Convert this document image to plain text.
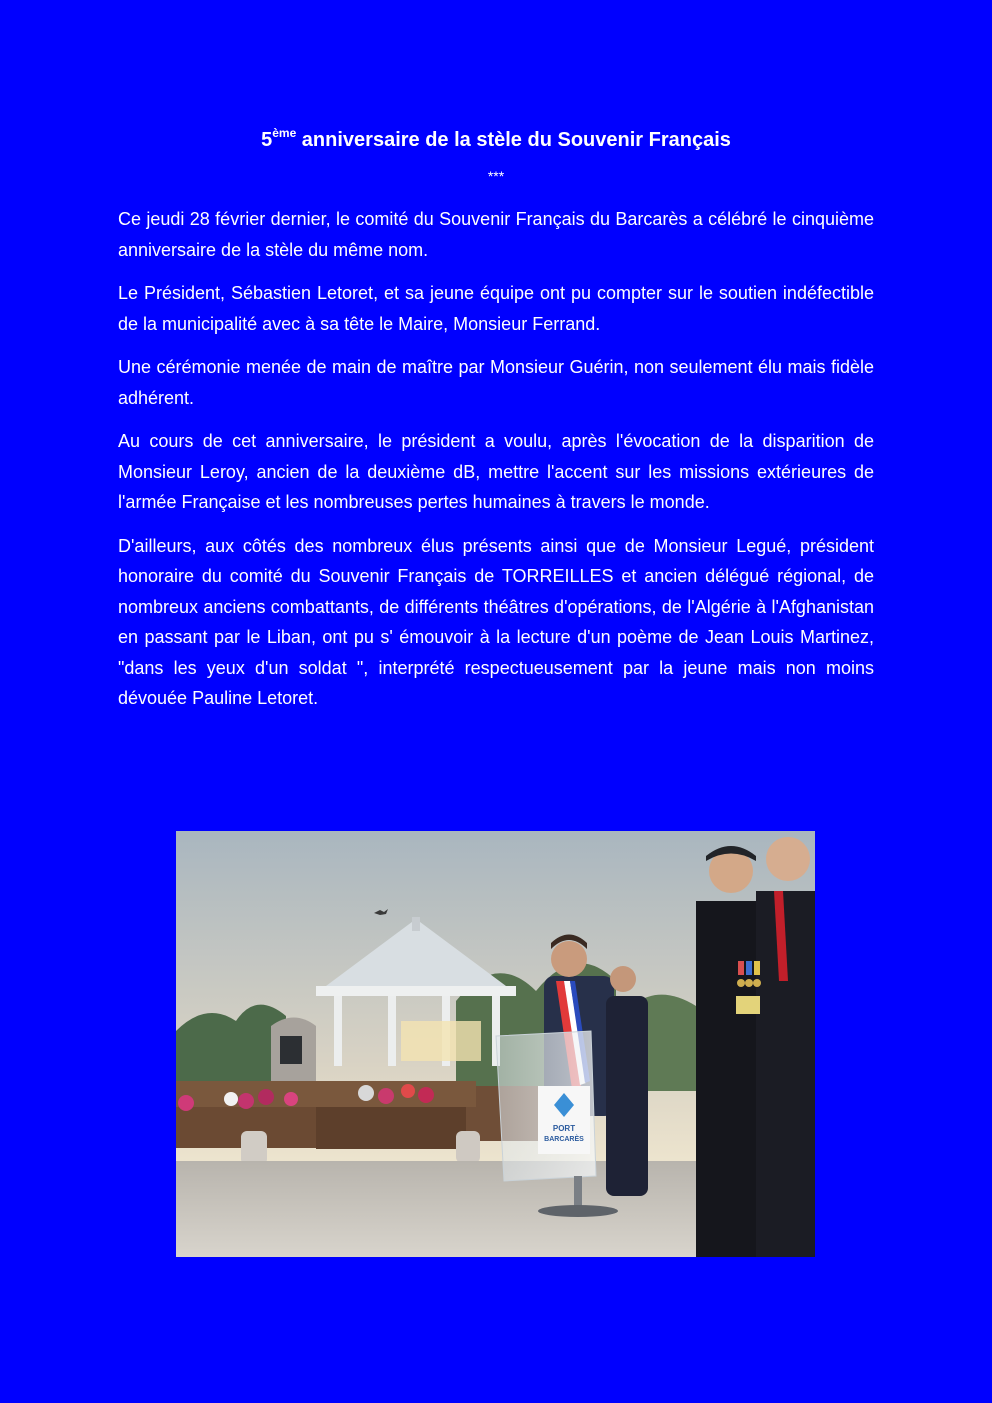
5ème anniversaire de la stèle du Souvenir Français
***

Ce jeudi 28 février dernier, le comité du Souvenir Français du Barcarès a célébré le cinquième anniversaire de la stèle du même nom.

Le Président, Sébastien Letoret, et sa jeune équipe ont pu compter sur le soutien indéfectible de la municipalité avec à sa tête le Maire, Monsieur Ferrand.

Une cérémonie menée de main de maître par Monsieur Guérin, non seulement élu mais fidèle adhérent.

Au cours de cet anniversaire, le président a voulu, après l'évocation de la disparition de Monsieur Leroy, ancien de la deuxième dB, mettre l'accent sur les missions extérieures de l'armée Française et les nombreuses pertes humaines à travers le monde.

D'ailleurs, aux côtés des nombreux élus présents ainsi que de Monsieur Legué, président honoraire du comité du Souvenir Français de TORREILLES et ancien délégué régional, de nombreux anciens combattants, de différents théâtres d'opérations, de l'Algérie à l'Afghanistan en passant par le Liban, ont pu s' émouvoir à la lecture d'un poème de Jean Louis Martinez, "dans les yeux d'un soldat ", interprété respectueusement par la jeune mais non moins dévouée Pauline Letoret.

PORT
BARCARÈS
